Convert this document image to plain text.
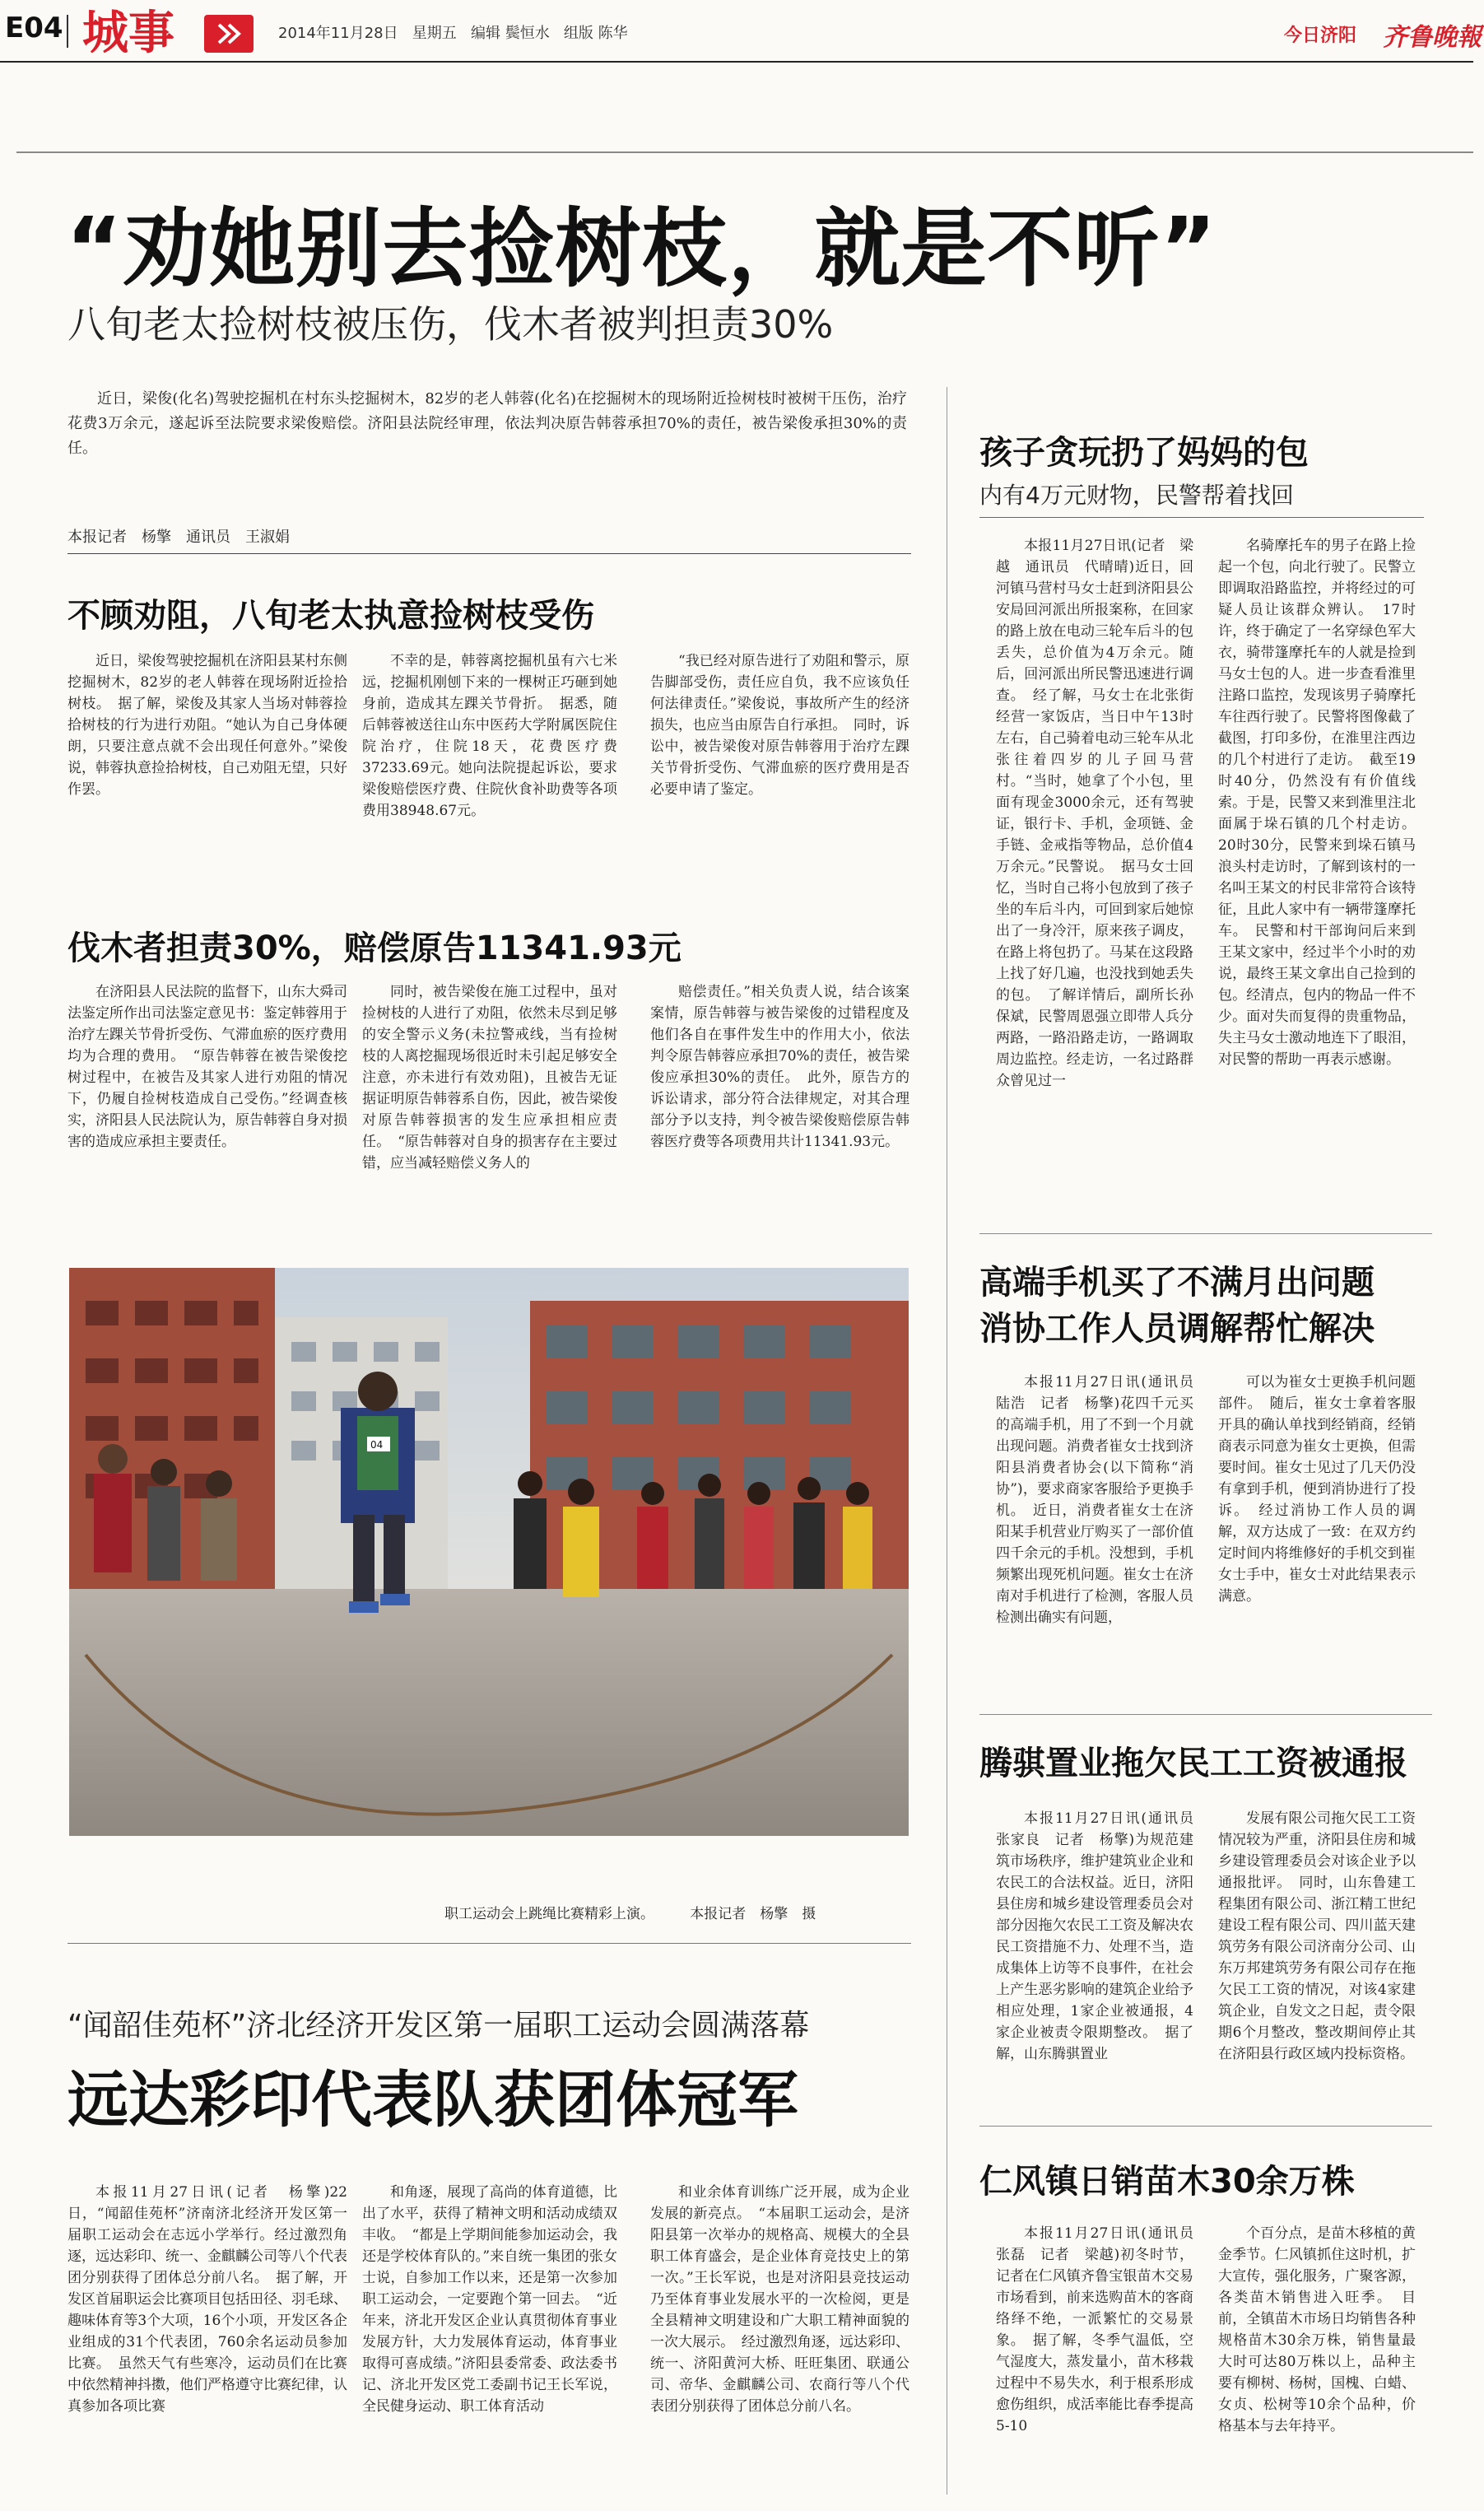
E04 城事	2014年11月28日 星期五 编辑 鬓恒水 组版 陈华	今日济阳 齐鲁晚報
“劝她别去捡树枝，就是不听”
八旬老太捡树枝被压伤，伐木者被判担责30%

近日，梁俊(化名)驾驶挖掘机在村东头挖掘树木，82岁的老人韩蓉(化名)在挖掘树木的现场附近捡树枝时被树干压伤，治疗花费3万余元，遂起诉至法院要求梁俊赔偿。济阳县法院经审理，依法判决原告韩蓉承担70%的责任，被告梁俊承担30%的责任。

本报记者　杨擎　通讯员　王淑娟
不顾劝阻，八旬老太执意捡树枝受伤

近日，梁俊驾驶挖掘机在济阳县某村东侧挖掘树木，82岁的老人韩蓉在现场附近捡拾树枝。　据了解，梁俊及其家人当场对韩蓉捡拾树枝的行为进行劝阻。“她认为自己身体硬朗，只要注意点就不会出现任何意外。”梁俊说，韩蓉执意捡拾树枝，自己劝阻无望，只好作罢。

不幸的是，韩蓉离挖掘机虽有六七米远，挖掘机刚刨下来的一棵树正巧砸到她身前，造成其左踝关节骨折。　据悉，随后韩蓉被送往山东中医药大学附属医院住院治疗，住院18天，花费医疗费37233.69元。她向法院提起诉讼，要求梁俊赔偿医疗费、住院伙食补助费等各项费用38948.67元。

“我已经对原告进行了劝阻和警示，原告脚部受伤，责任应自负，我不应该负任何法律责任。”梁俊说，事故所产生的经济损失，也应当由原告自行承担。　同时，诉讼中，被告梁俊对原告韩蓉用于治疗左踝关节骨折受伤、气滞血瘀的医疗费用是否必要申请了鉴定。

伐木者担责30%，赔偿原告11341.93元

在济阳县人民法院的监督下，山东大舜司法鉴定所作出司法鉴定意见书：鉴定韩蓉用于治疗左踝关节骨折受伤、气滞血瘀的医疗费用均为合理的费用。　“原告韩蓉在被告梁俊挖树过程中，在被告及其家人进行劝阻的情况下，仍履自捡树枝造成自己受伤。”经调查核实，济阳县人民法院认为，原告韩蓉自身对损害的造成应承担主要责任。

同时，被告梁俊在施工过程中，虽对捡树枝的人进行了劝阻，依然未尽到足够的安全警示义务(未拉警戒线，当有捡树枝的人离挖掘现场很近时未引起足够安全注意，亦未进行有效劝阻)，且被告无证据证明原告韩蓉系自伤，因此，被告梁俊对原告韩蓉损害的发生应承担相应责任。　“原告韩蓉对自身的损害存在主要过错，应当减轻赔偿义务人的

赔偿责任。”相关负责人说，结合该案案情，原告韩蓉与被告梁俊的过错程度及他们各自在事件发生中的作用大小，依法判令原告韩蓉应承担70%的责任，被告梁俊应承担30%的责任。　此外，原告方的诉讼请求，部分符合法律规定，对其合理部分予以支持，判令被告梁俊赔偿原告韩蓉医疗费等各项费用共计11341.93元。

04
职工运动会上跳绳比赛精彩上演。	本报记者　杨擎　摄
“闻韶佳苑杯”济北经济开发区第一届职工运动会圆满落幕
远达彩印代表队获团体冠军

本报11月27日讯(记者　杨擎)22日，“闻韶佳苑杯”济南济北经济开发区第一届职工运动会在志远小学举行。经过激烈角逐，远达彩印、统一、金麒麟公司等八个代表团分别获得了团体总分前八名。　据了解，开发区首届职运会比赛项目包括田径、羽毛球、趣味体育等3个大项，16个小项，开发区各企业组成的31个代表团，760余名运动员参加比赛。　虽然天气有些寒冷，运动员们在比赛中依然精神抖擞，他们严格遵守比赛纪律，认真参加各项比赛

和角逐，展现了高尚的体育道德，比出了水平，获得了精神文明和活动成绩双丰收。　“都是上学期间能参加运动会，我还是学校体育队的。”来自统一集团的张女士说，自参加工作以来，还是第一次参加职工运动会，一定要跑个第一回去。　“近年来，济北开发区企业认真贯彻体育事业发展方针，大力发展体育运动，体育事业取得可喜成绩。”济阳县委常委、政法委书记、济北开发区党工委副书记王长军说，全民健身运动、职工体育活动

和业余体育训练广泛开展，成为企业发展的新亮点。　“本届职工运动会，是济阳县第一次举办的规格高、规模大的全县职工体育盛会，是企业体育竞技史上的第一次。”王长军说，也是对济阳县竞技运动乃至体育事业发展水平的一次检阅，更是全县精神文明建设和广大职工精神面貌的一次大展示。　经过激烈角逐，远达彩印、统一、济阳黄河大桥、旺旺集团、联通公司、帝华、金麒麟公司、农商行等八个代表团分别获得了团体总分前八名。

孩子贪玩扔了妈妈的包
内有4万元财物，民警帮着找回

本报11月27日讯(记者　梁越　通讯员　代晴晴)近日，回河镇马营村马女士赶到济阳县公安局回河派出所报案称，在回家的路上放在电动三轮车后斗的包丢失，总价值为4万余元。随后，回河派出所民警迅速进行调查。　经了解，马女士在北张街经营一家饭店，当日中午13时左右，自己骑着电动三轮车从北张往着四岁的儿子回马营村。“当时，她拿了个小包，里面有现金3000余元，还有驾驶证，银行卡、手机，金项链、金手链、金戒指等物品，总价值4万余元。”民警说。　据马女士回忆，当时自己将小包放到了孩子坐的车后斗内，可回到家后她惊出了一身冷汗，原来孩子调皮，在路上将包扔了。马某在这段路上找了好几遍，也没找到她丢失的包。　了解详情后，副所长孙保斌，民警周恩强立即带人兵分两路，一路沿路走访，一路调取周边监控。经走访，一名过路群众曾见过一

名骑摩托车的男子在路上捡起一个包，向北行驶了。民警立即调取沿路监控，并将经过的可疑人员让该群众辨认。　17时许，终于确定了一名穿绿色军大衣，骑带篷摩托车的人就是捡到马女士包的人。进一步查看淮里注路口监控，发现该男子骑摩托车往西行驶了。民警将图像截了截图，打印多份，在淮里注西边的几个村进行了走访。　截至19时40分，仍然没有有价值线索。于是，民警又来到淮里注北面属于垛石镇的几个村走访。20时30分，民警来到垛石镇马浪头村走访时，了解到该村的一名叫王某文的村民非常符合该特征，且此人家中有一辆带篷摩托车。　民警和村干部询问后来到王某文家中，经过半个小时的劝说，最终王某文拿出自己捡到的包。经清点，包内的物品一件不少。面对失而复得的贵重物品，失主马女士激动地连下了眼泪，对民警的帮助一再表示感谢。

高端手机买了不满月出问题
消协工作人员调解帮忙解决

本报11月27日讯(通讯员　陆浩　记者　杨擎)花四千元买的高端手机，用了不到一个月就出现问题。消费者崔女士找到济阳县消费者协会(以下简称“消协”)，要求商家客服给予更换手机。　近日，消费者崔女士在济阳某手机营业厅购买了一部价值四千余元的手机。没想到，手机频繁出现死机问题。崔女士在济南对手机进行了检测，客服人员检测出确实有问题，

可以为崔女士更换手机问题部件。　随后，崔女士拿着客服开具的确认单找到经销商，经销商表示同意为崔女士更换，但需要时间。崔女士见过了几天仍没有拿到手机，便到消协进行了投诉。　经过消协工作人员的调解，双方达成了一致：在双方约定时间内将维修好的手机交到崔女士手中，崔女士对此结果表示满意。

腾骐置业拖欠民工工资被通报

本报11月27日讯(通讯员　张家良　记者　杨擎)为规范建筑市场秩序，维护建筑业企业和农民工的合法权益。近日，济阳县住房和城乡建设管理委员会对部分因拖欠农民工工资及解决农民工资措施不力、处理不当，造成集体上访等不良事件，在社会上产生恶劣影响的建筑企业给予相应处理，1家企业被通报，4家企业被责令限期整改。　据了解，山东腾骐置业

发展有限公司拖欠民工工资情况较为严重，济阳县住房和城乡建设管理委员会对该企业予以通报批评。　同时，山东鲁建工程集团有限公司、浙江精工世纪建设工程有限公司、四川蓝天建筑劳务有限公司济南分公司、山东万邦建筑劳务有限公司存在拖欠民工工资的情况，对该4家建筑企业，自发文之日起，责令限期6个月整改，整改期间停止其在济阳县行政区域内投标资格。

仁风镇日销苗木30余万株

本报11月27日讯(通讯员　张磊　记者　梁越)初冬时节，记者在仁风镇齐鲁宝银苗木交易市场看到，前来选购苗木的客商络绎不绝，一派繁忙的交易景象。　据了解，冬季气温低，空气湿度大，蒸发量小，苗木移栽过程中不易失水，利于根系形成愈伤组织，成活率能比春季提高5-10

个百分点，是苗木移植的黄金季节。仁风镇抓住这时机，扩大宣传，强化服务，广聚客源，各类苗木销售进入旺季。　目前，全镇苗木市场日均销售各种规格苗木30余万株，销售量最大时可达80万株以上，品种主要有柳树、杨树，国槐、白蜡、女贞、松树等10余个品种，价格基本与去年持平。
